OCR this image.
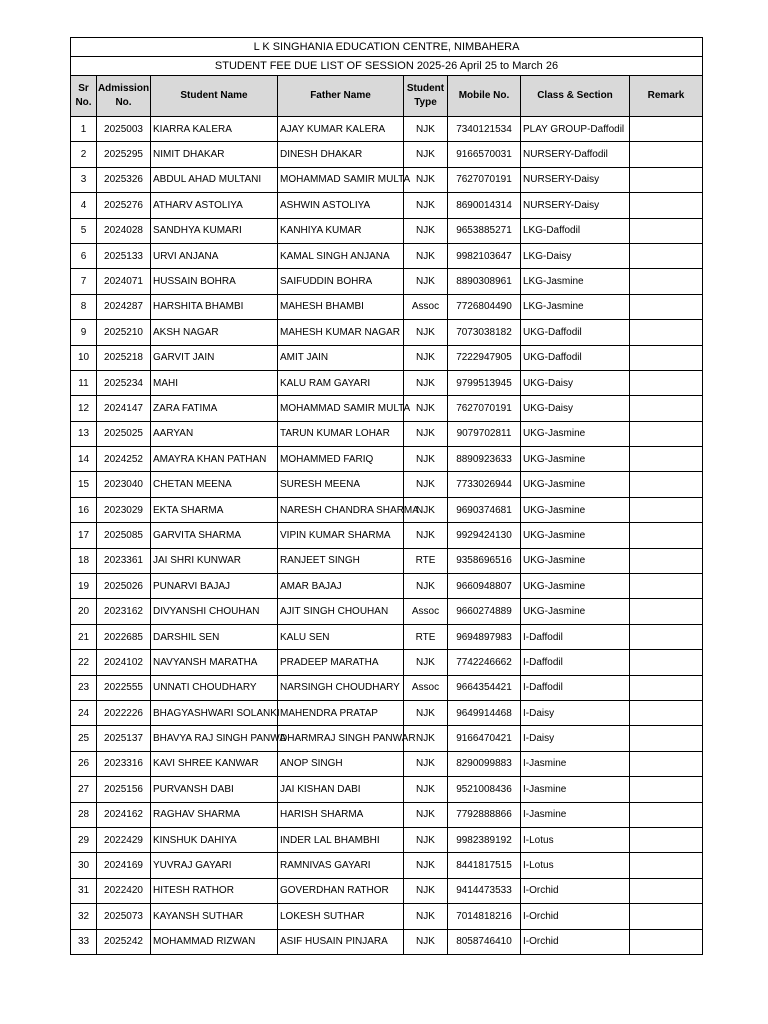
L K SINGHANIA EDUCATION CENTRE, NIMBAHERA							
STUDENT FEE DUE LIST OF SESSION 2025-26 April 25 to March 26							
Sr No.	Admission No.	Student Name	Father Name	Student Type	Mobile No.	Class & Section	Remark
1	2025003	KIARRA KALERA	AJAY KUMAR KALERA	NJK	7340121534	PLAY GROUP-Daffodil	
2	2025295	NIMIT DHAKAR	DINESH DHAKAR	NJK	9166570031	NURSERY-Daffodil	
3	2025326	ABDUL AHAD MULTANI	MOHAMMAD SAMIR MULTA	NJK	7627070191	NURSERY-Daisy	
4	2025276	ATHARV ASTOLIYA	ASHWIN ASTOLIYA	NJK	8690014314	NURSERY-Daisy	
5	2024028	SANDHYA KUMARI	KANHIYA KUMAR	NJK	9653885271	LKG-Daffodil	
6	2025133	URVI ANJANA	KAMAL SINGH ANJANA	NJK	9982103647	LKG-Daisy	
7	2024071	HUSSAIN BOHRA	SAIFUDDIN BOHRA	NJK	8890308961	LKG-Jasmine	
8	2024287	HARSHITA BHAMBI	MAHESH BHAMBI	Assoc	7726804490	LKG-Jasmine	
9	2025210	AKSH NAGAR	MAHESH KUMAR NAGAR	NJK	7073038182	UKG-Daffodil	
10	2025218	GARVIT JAIN	AMIT JAIN	NJK	7222947905	UKG-Daffodil	
11	2025234	MAHI	KALU RAM GAYARI	NJK	9799513945	UKG-Daisy	
12	2024147	ZARA FATIMA	MOHAMMAD SAMIR MULTA	NJK	7627070191	UKG-Daisy	
13	2025025	AARYAN	TARUN KUMAR LOHAR	NJK	9079702811	UKG-Jasmine	
14	2024252	AMAYRA KHAN PATHAN	MOHAMMED FARIQ	NJK	8890923633	UKG-Jasmine	
15	2023040	CHETAN MEENA	SURESH MEENA	NJK	7733026944	UKG-Jasmine	
16	2023029	EKTA SHARMA	NARESH CHANDRA SHARMA	NJK	9690374681	UKG-Jasmine	
17	2025085	GARVITA SHARMA	VIPIN KUMAR SHARMA	NJK	9929424130	UKG-Jasmine	
18	2023361	JAI SHRI KUNWAR	RANJEET SINGH	RTE	9358696516	UKG-Jasmine	
19	2025026	PUNARVI BAJAJ	AMAR BAJAJ	NJK	9660948807	UKG-Jasmine	
20	2023162	DIVYANSHI CHOUHAN	AJIT SINGH CHOUHAN	Assoc	9660274889	UKG-Jasmine	
21	2022685	DARSHIL SEN	KALU SEN	RTE	9694897983	I-Daffodil	
22	2024102	NAVYANSH MARATHA	PRADEEP MARATHA	NJK	7742246662	I-Daffodil	
23	2022555	UNNATI CHOUDHARY	NARSINGH CHOUDHARY	Assoc	9664354421	I-Daffodil	
24	2022226	BHAGYASHWARI SOLANKI	MAHENDRA PRATAP	NJK	9649914468	I-Daisy	
25	2025137	BHAVYA RAJ SINGH PANWA	DHARMRAJ SINGH PANWAR	NJK	9166470421	I-Daisy	
26	2023316	KAVI SHREE KANWAR	ANOP SINGH	NJK	8290099883	I-Jasmine	
27	2025156	PURVANSH DABI	JAI KISHAN DABI	NJK	9521008436	I-Jasmine	
28	2024162	RAGHAV SHARMA	HARISH SHARMA	NJK	7792888866	I-Jasmine	
29	2022429	KINSHUK DAHIYA	INDER LAL BHAMBHI	NJK	9982389192	I-Lotus	
30	2024169	YUVRAJ GAYARI	RAMNIVAS GAYARI	NJK	8441817515	I-Lotus	
31	2022420	HITESH RATHOR	GOVERDHAN RATHOR	NJK	9414473533	I-Orchid	
32	2025073	KAYANSH SUTHAR	LOKESH SUTHAR	NJK	7014818216	I-Orchid	
33	2025242	MOHAMMAD RIZWAN	ASIF HUSAIN PINJARA	NJK	8058746410	I-Orchid	
